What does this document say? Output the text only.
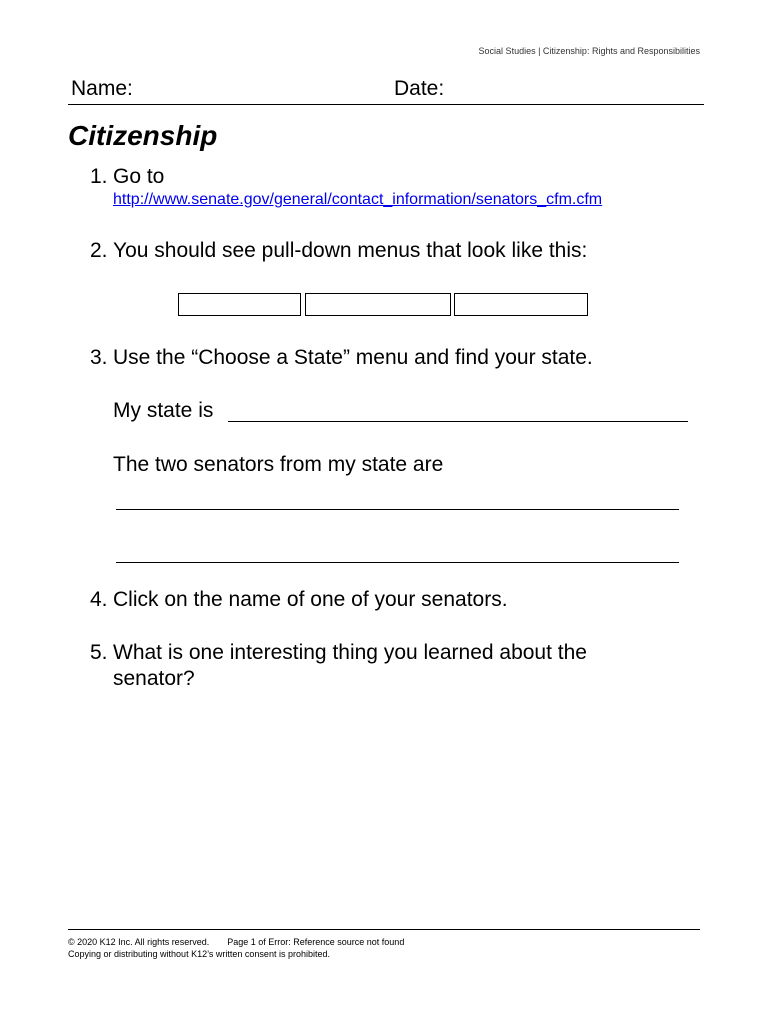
Social Studies | Citizenship: Rights and Responsibilities
Name:	Date:
Citizenship
1. Go to
http://www.senate.gov/general/contact_information/senators_cfm.cfm
2. You should see pull-down menus that look like this:
3. Use the “Choose a State” menu and find your state.
My state is
The two senators from my state are
4. Click on the name of one of your senators.
5. What is one interesting thing you learned about the senator?
© 2020 K12 Inc. All rights reserved. Page 1 of Error: Reference source not found
Copying or distributing without K12’s written consent is prohibited.
